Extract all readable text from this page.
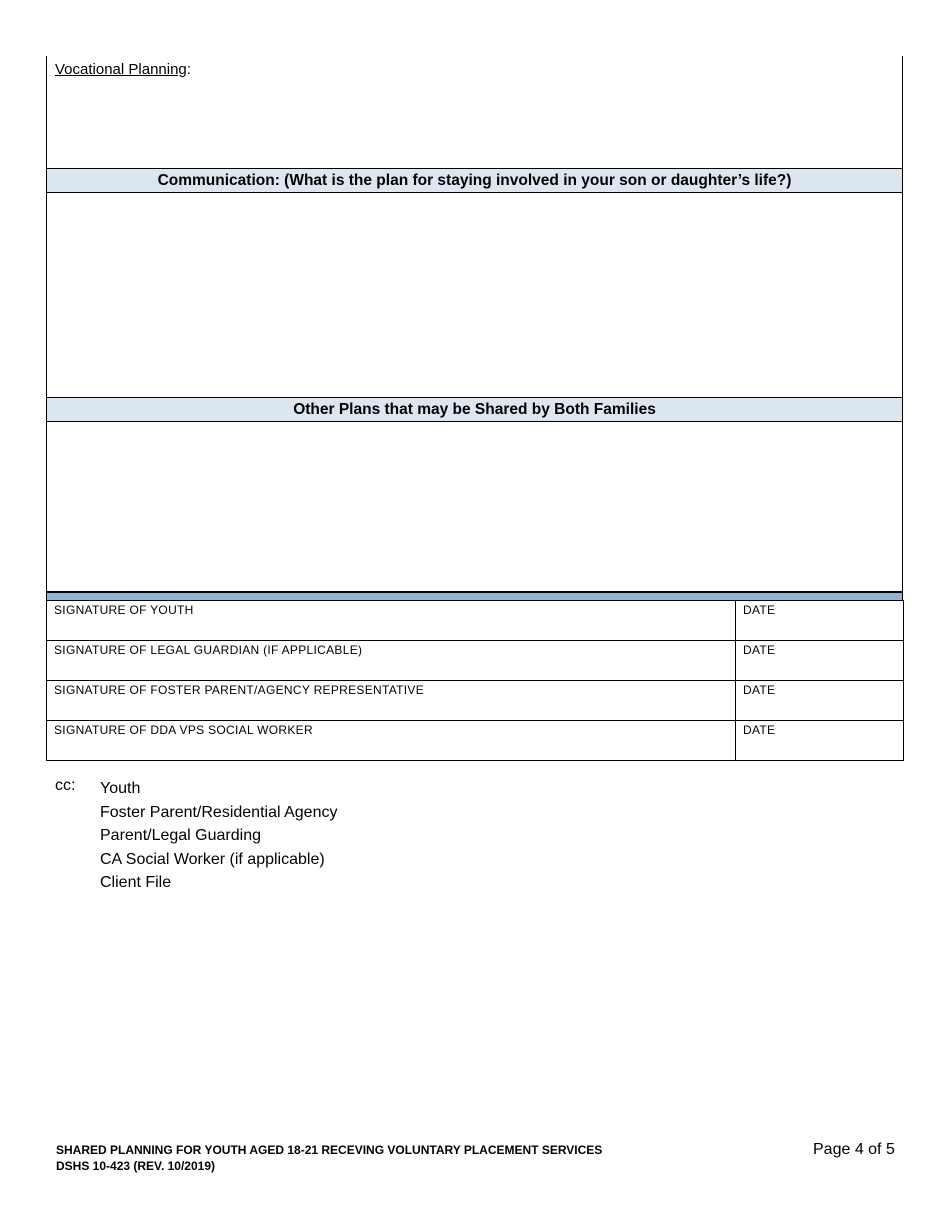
Vocational Planning:
Communication: (What is the plan for staying involved in your son or daughter’s life?)
Other Plans that may be Shared by Both Families
SIGNATURE OF YOUTH	DATE
SIGNATURE OF LEGAL GUARDIAN (IF APPLICABLE)	DATE
SIGNATURE OF FOSTER PARENT/AGENCY REPRESENTATIVE	DATE
SIGNATURE OF DDA VPS SOCIAL WORKER	DATE
cc: Youth
Foster Parent/Residential Agency
Parent/Legal Guarding
CA Social Worker (if applicable)
Client File
SHARED PLANNING FOR YOUTH AGED 18-21 RECEVING VOLUNTARY PLACEMENT SERVICES
DSHS 10-423 (REV. 10/2019)
Page 4 of 5
